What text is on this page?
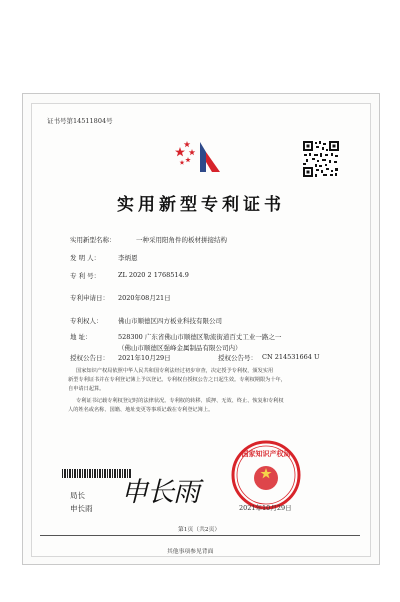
证书号第14511804号
实用新型专利证书
实用新型名称：	一种采用阳角件的板材拼接结构
发 明 人：	李炳恩
专 利 号：	ZL 2020 2 1768514.9
专利申请日： 2020年08月21日
专利权人： 佛山市顺德区四方板业科技有限公司
地 址：	528300 广东省佛山市顺德区勒流街道百丈工业一路之一
（佛山市顺德区强峰金属制品有限公司内）
授权公告日： 2021年10月29日	授权公告号： CN 214531664 U
国家知识产权局依照中华人民共和国专利法经过初步审查，决定授予专利权，颁发实用
新型专利证书并在专利登记簿上予以登记。专利权自授权公告之日起生效。专利权期限为十年，
自申请日起算。
专利证书记载专利权登记时的法律状况。专利权的转移、质押、无效、终止、恢复和专利权
人的姓名或名称、国籍、地址变更等事项记载在专利登记簿上。
局长
申长雨
申长雨
国家知识产权局
2021年10月29日
第1页（共2页）
其他事项参见背面
